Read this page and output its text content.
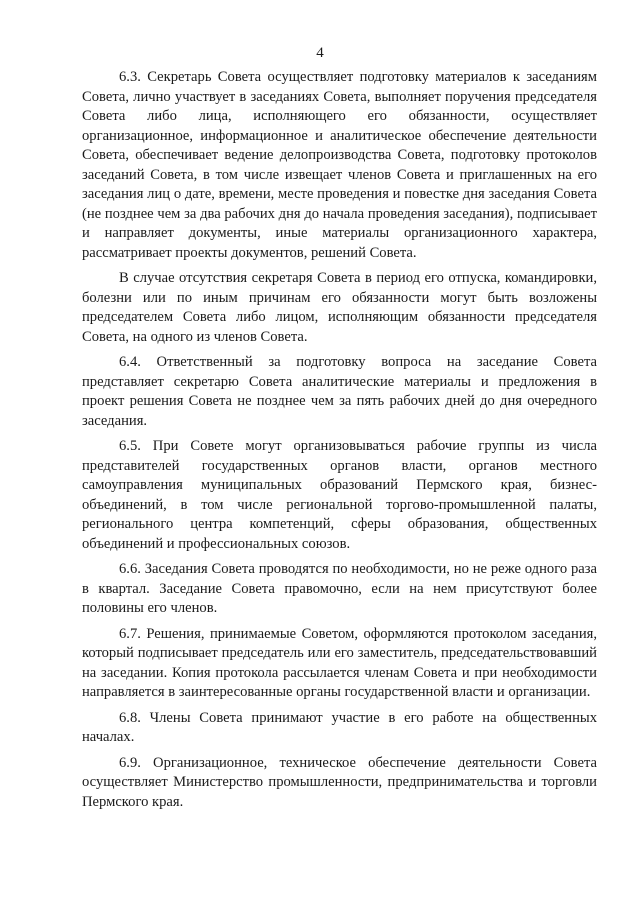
4

6.3. Секретарь Совета осуществляет подготовку материалов к заседаниям Совета, лично участвует в заседаниях Совета, выполняет поручения председателя Совета либо лица, исполняющего его обязанности, осуществляет организационное, информационное и аналитическое обеспечение деятельности Совета, обеспечивает ведение делопроизводства Совета, подготовку протоколов заседаний Совета, в том числе извещает членов Совета и приглашенных на его заседания лиц о дате, времени, месте проведения и повестке дня заседания Совета (не позднее чем за два рабочих дня до начала проведения заседания), подписывает и направляет документы, иные материалы организационного характера, рассматривает проекты документов, решений Совета.

В случае отсутствия секретаря Совета в период его отпуска, командировки, болезни или по иным причинам его обязанности могут быть возложены председателем Совета либо лицом, исполняющим обязанности председателя Совета, на одного из членов Совета.

6.4. Ответственный за подготовку вопроса на заседание Совета представляет секретарю Совета аналитические материалы и предложения в проект решения Совета не позднее чем за пять рабочих дней до дня очередного заседания.

6.5. При Совете могут организовываться рабочие группы из числа представителей государственных органов власти, органов местного самоуправления муниципальных образований Пермского края, бизнес-объединений, в том числе региональной торгово-промышленной палаты, регионального центра компетенций, сферы образования, общественных объединений и профессиональных союзов.

6.6. Заседания Совета проводятся по необходимости, но не реже одного раза в квартал. Заседание Совета правомочно, если на нем присутствуют более половины его членов.

6.7. Решения, принимаемые Советом, оформляются протоколом заседания, который подписывает председатель или его заместитель, председательствовавший на заседании. Копия протокола рассылается членам Совета и при необходимости направляется в заинтересованные органы государственной власти и организации.

6.8. Члены Совета принимают участие в его работе на общественных началах.

6.9. Организационное, техническое обеспечение деятельности Совета осуществляет Министерство промышленности, предпринимательства и торговли Пермского края.
